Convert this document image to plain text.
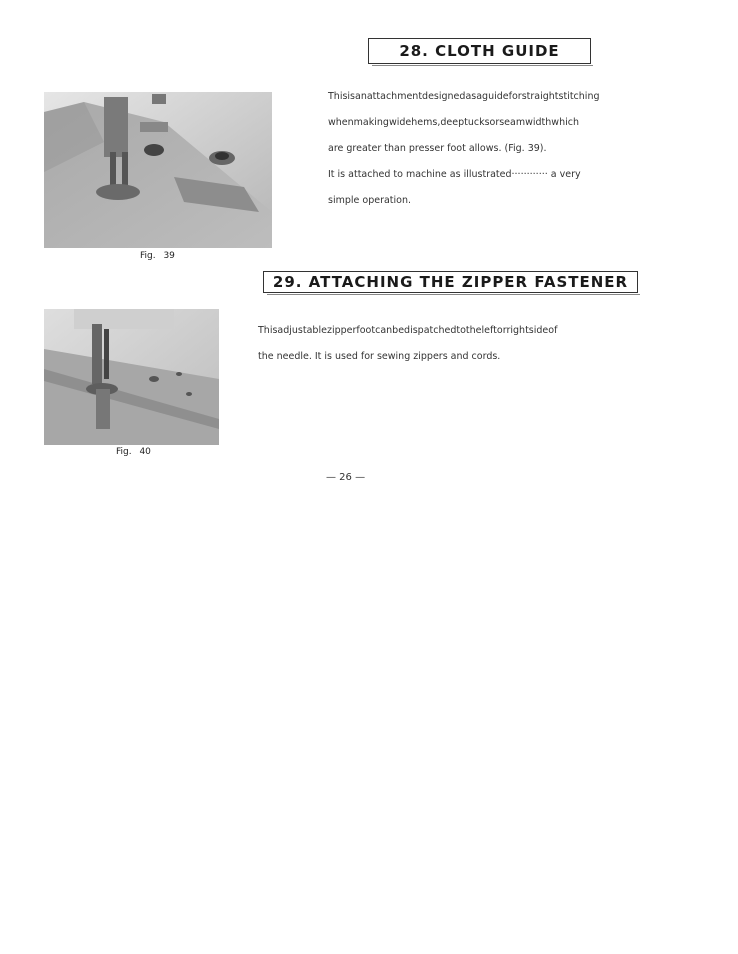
28. CLOTH GUIDE
Fig. 39
Thisisanattachmentdesignedasaguideforstraightstitching
whenmakingwidehems,deeptucksorseamwidthwhich
are greater than presser foot allows. (Fig. 39).
It is attached to machine as illustrated············ a very
simple operation.
29. ATTACHING THE ZIPPER FASTENER
Fig. 40
Thisadjustablezipperfootcanbedispatchedtotheleftorrightsideof
the needle. It is used for sewing zippers and cords.
— 26 —
